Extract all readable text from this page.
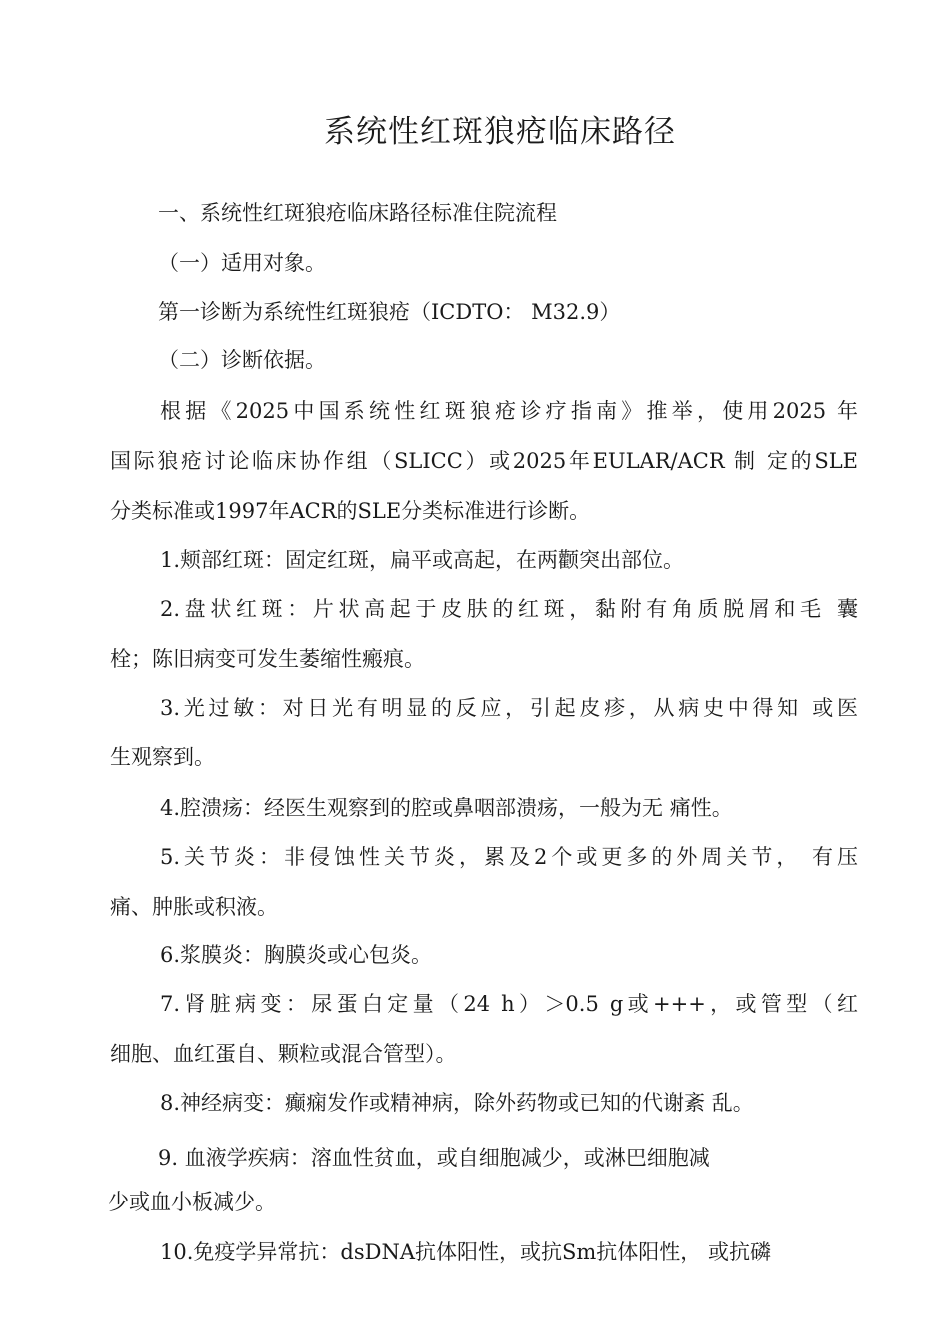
系统性红斑狼疮临床路径
一、系统性红斑狼疮临床路径标准住院流程
（一）适用对象。
第一诊断为系统性红斑狼疮（ICDTO： M32.9）
（二）诊断依据。
根据《2025中国系统性红斑狼疮诊疗指南》推举，使用2025 年
国际狼疮讨论临床协作组（SLICC）或2025年EULAR/ACR 制 定的SLE
分类标准或1997年ACR的SLE分类标准进行诊断。
1.颊部红斑：固定红斑，扁平或高起，在两颧突出部位。
2.盘状红斑：片状高起于皮肤的红斑，黏附有角质脱屑和毛 囊
栓；陈旧病变可发生萎缩性瘢痕。
3.光过敏：对日光有明显的反应，引起皮疹，从病史中得知 或医
生观察到。
4.腔溃疡：经医生观察到的腔或鼻咽部溃疡，一般为无 痛性。
5.关节炎：非侵蚀性关节炎，累及2个或更多的外周关节， 有压
痛、肿胀或积液。
6.浆膜炎：胸膜炎或心包炎。
7.肾脏病变：尿蛋白定量（24 h）＞0.5 g或+++，或管型（红
细胞、血红蛋自、颗粒或混合管型）。
8.神经病变：癫痫发作或精神病，除外药物或已知的代谢紊 乱。
9. 血液学疾病：溶血性贫血，或自细胞减少，或淋巴细胞减
少或血小板减少。
10.免疫学异常抗：dsDNA抗体阳性，或抗Sm抗体阳性， 或抗磷
